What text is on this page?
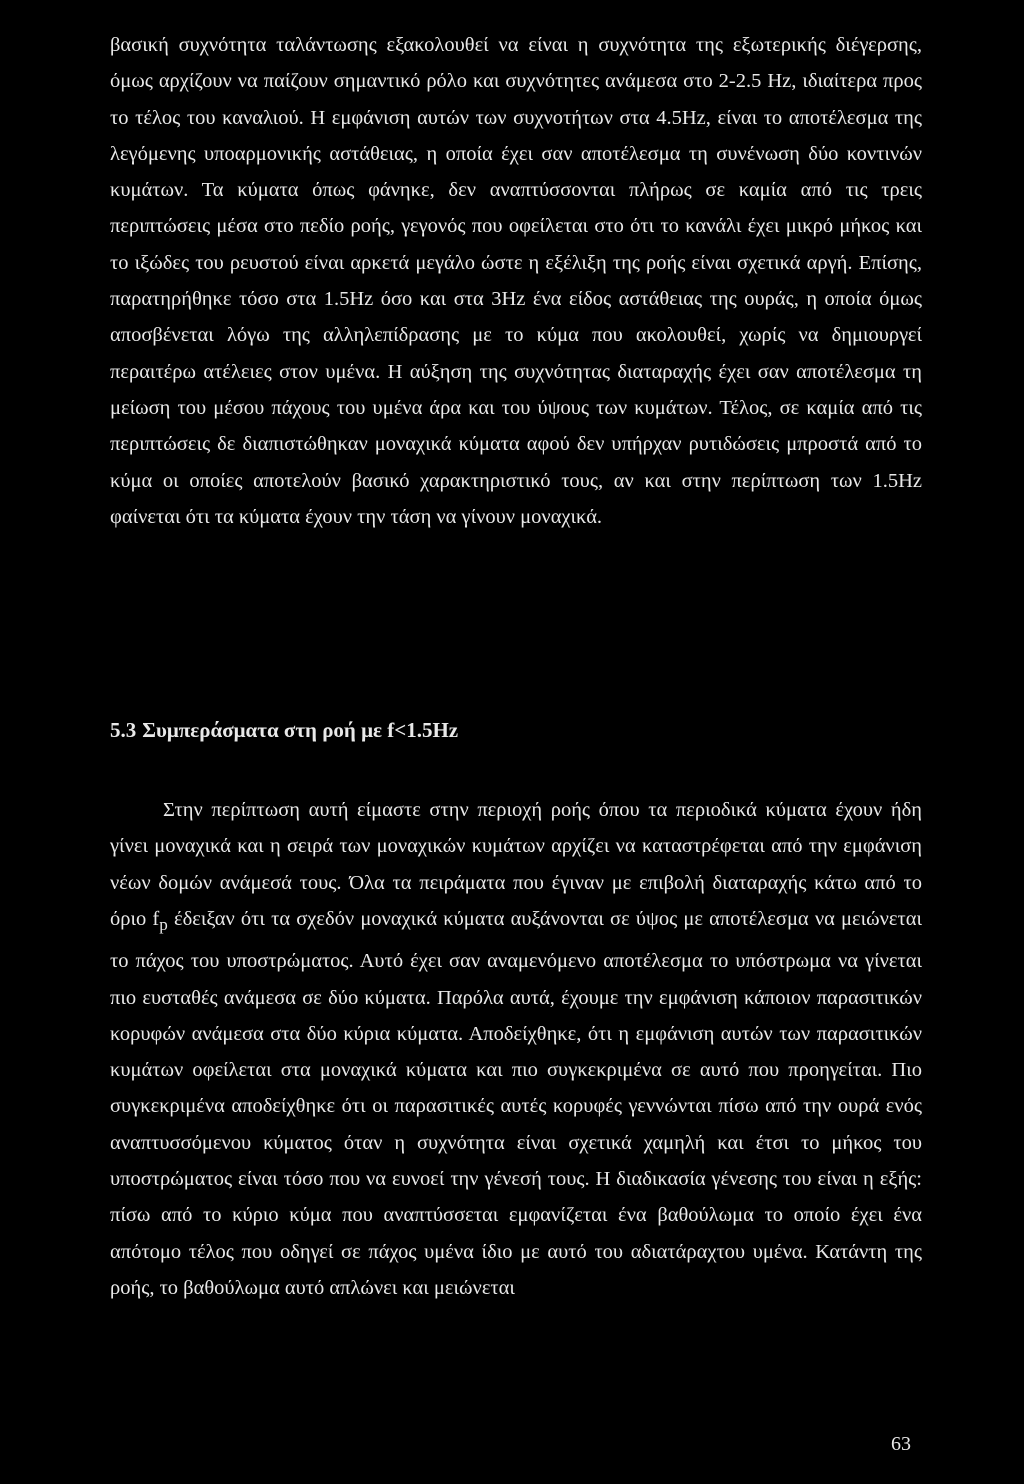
βασική συχνότητα ταλάντωσης εξακολουθεί να είναι η συχνότητα της εξωτερικής διέγερσης, όμως αρχίζουν να παίζουν σημαντικό ρόλο και συχνότητες ανάμεσα στο 2-2.5 Hz, ιδιαίτερα προς το τέλος του καναλιού. Η εμφάνιση αυτών των συχνοτήτων στα 4.5Hz, είναι το αποτέλεσμα της λεγόμενης υποαρμονικής αστάθειας, η οποία έχει σαν αποτέλεσμα τη συνένωση δύο κοντινών κυμάτων. Τα κύματα όπως φάνηκε, δεν αναπτύσσονται πλήρως σε καμία από τις τρεις περιπτώσεις μέσα στο πεδίο ροής, γεγονός που οφείλεται στο ότι το κανάλι έχει μικρό μήκος και το ιξώδες του ρευστού είναι αρκετά μεγάλο ώστε η εξέλιξη της ροής είναι σχετικά αργή. Επίσης, παρατηρήθηκε τόσο στα 1.5Hz όσο και στα 3Hz ένα είδος αστάθειας της ουράς, η οποία όμως αποσβένεται λόγω της αλληλεπίδρασης με το κύμα που ακολουθεί, χωρίς να δημιουργεί περαιτέρω ατέλειες στον υμένα. Η αύξηση της συχνότητας διαταραχής έχει σαν αποτέλεσμα τη μείωση του μέσου πάχους του υμένα άρα και του ύψους των κυμάτων. Τέλος, σε καμία από τις περιπτώσεις δε διαπιστώθηκαν μοναχικά κύματα αφού δεν υπήρχαν ρυτιδώσεις μπροστά από το κύμα οι οποίες αποτελούν βασικό χαρακτηριστικό τους, αν και στην περίπτωση των 1.5Hz φαίνεται ότι τα κύματα έχουν την τάση να γίνουν μοναχικά.

5.3 Συμπεράσματα στη ροή με f<1.5Hz

Στην περίπτωση αυτή είμαστε στην περιοχή ροής όπου τα περιοδικά κύματα έχουν ήδη γίνει μοναχικά και η σειρά των μοναχικών κυμάτων αρχίζει να καταστρέφεται από την εμφάνιση νέων δομών ανάμεσά τους. Όλα τα πειράματα που έγιναν με επιβολή διαταραχής κάτω από το όριο $f_p$ έδειξαν ότι τα σχεδόν μοναχικά κύματα αυξάνονται σε ύψος με αποτέλεσμα να μειώνεται το πάχος του υποστρώματος. Αυτό έχει σαν αναμενόμενο αποτέλεσμα το υπόστρωμα να γίνεται πιο ευσταθές ανάμεσα σε δύο κύματα. Παρόλα αυτά, έχουμε την εμφάνιση κάποιον παρασιτικών κορυφών ανάμεσα στα δύο κύρια κύματα. Αποδείχθηκε, ότι η εμφάνιση αυτών των παρασιτικών κυμάτων οφείλεται στα μοναχικά κύματα και πιο συγκεκριμένα σε αυτό που προηγείται. Πιο συγκεκριμένα αποδείχθηκε ότι οι παρασιτικές αυτές κορυφές γεννώνται πίσω από την ουρά ενός αναπτυσσόμενου κύματος όταν η συχνότητα είναι σχετικά χαμηλή και έτσι το μήκος του υποστρώματος είναι τόσο που να ευνοεί την γένεσή τους. Η διαδικασία γένεσης του είναι η εξής: πίσω από το κύριο κύμα που αναπτύσσεται εμφανίζεται ένα βαθούλωμα το οποίο έχει ένα απότομο τέλος που οδηγεί σε πάχος υμένα ίδιο με αυτό του αδιατάραχτου υμένα. Κατάντη της ροής, το βαθούλωμα αυτό απλώνει και μειώνεται

63
